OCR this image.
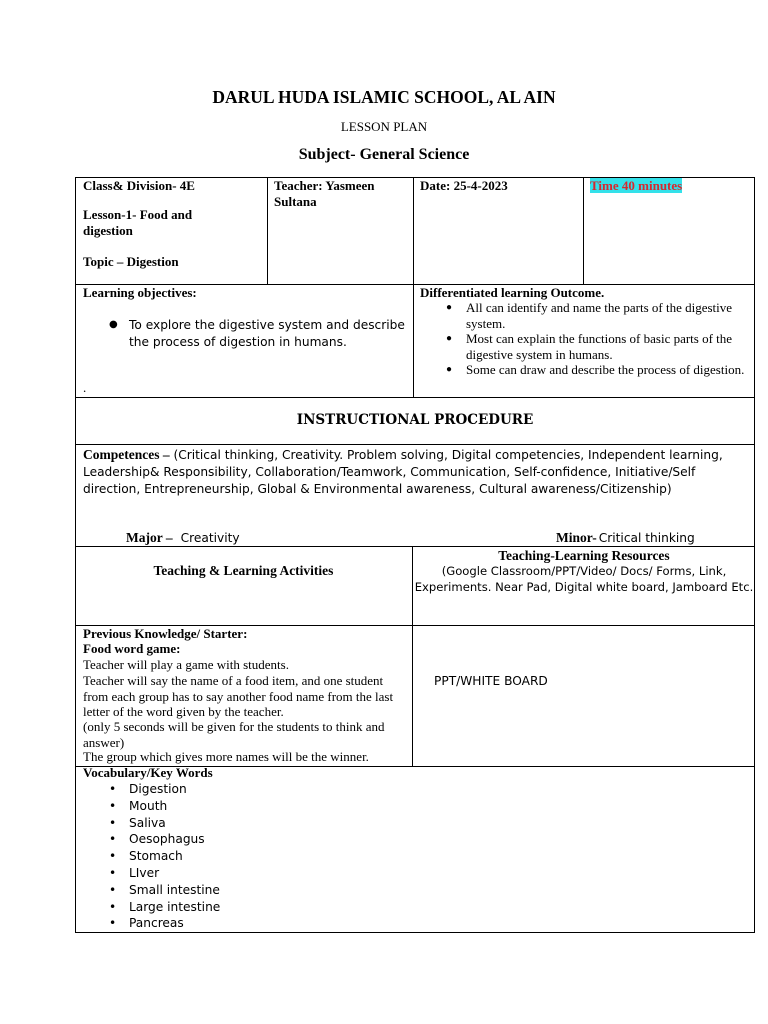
DARUL HUDA ISLAMIC SCHOOL, AL AIN
LESSON PLAN
Subject- General Science
Class& Division- 4E
Lesson-1- Food and digestion
Topic – Digestion
Teacher: Yasmeen Sultana
Date: 25-4-2023	Time 40 minutes
Learning objectives:
● To explore the digestive system and describe the process of digestion in humans.
.
Differentiated learning Outcome.
● All can identify and name the parts of the digestive system.
● Most can explain the functions of basic parts of the digestive system in humans.
● Some can draw and describe the process of digestion.
INSTRUCTIONAL PROCEDURE
Competences – (Critical thinking, Creativity. Problem solving, Digital competencies, Independent learning, Leadership& Responsibility, Collaboration/Teamwork, Communication, Self-confidence, Initiative/Self direction, Entrepreneurship, Global & Environmental awareness, Cultural awareness/Citizenship)
Major – Creativity	Minor- Critical thinking
Teaching & Learning Activities
Teaching-Learning Resources
(Google Classroom/PPT/Video/ Docs/ Forms, Link, Experiments. Near Pad, Digital white board, Jamboard Etc.
Previous Knowledge/ Starter:
Food word game:
Teacher will play a game with students.
Teacher will say the name of a food item, and one student from each group has to say another food name from the last letter of the word given by the teacher.
(only 5 seconds will be given for the students to think and answer)
The group which gives more names will be the winner.
PPT/WHITE BOARD
Vocabulary/Key Words
• Digestion
• Mouth
• Saliva
• Oesophagus
• Stomach
• LIver
• Small intestine
• Large intestine
• Pancreas
